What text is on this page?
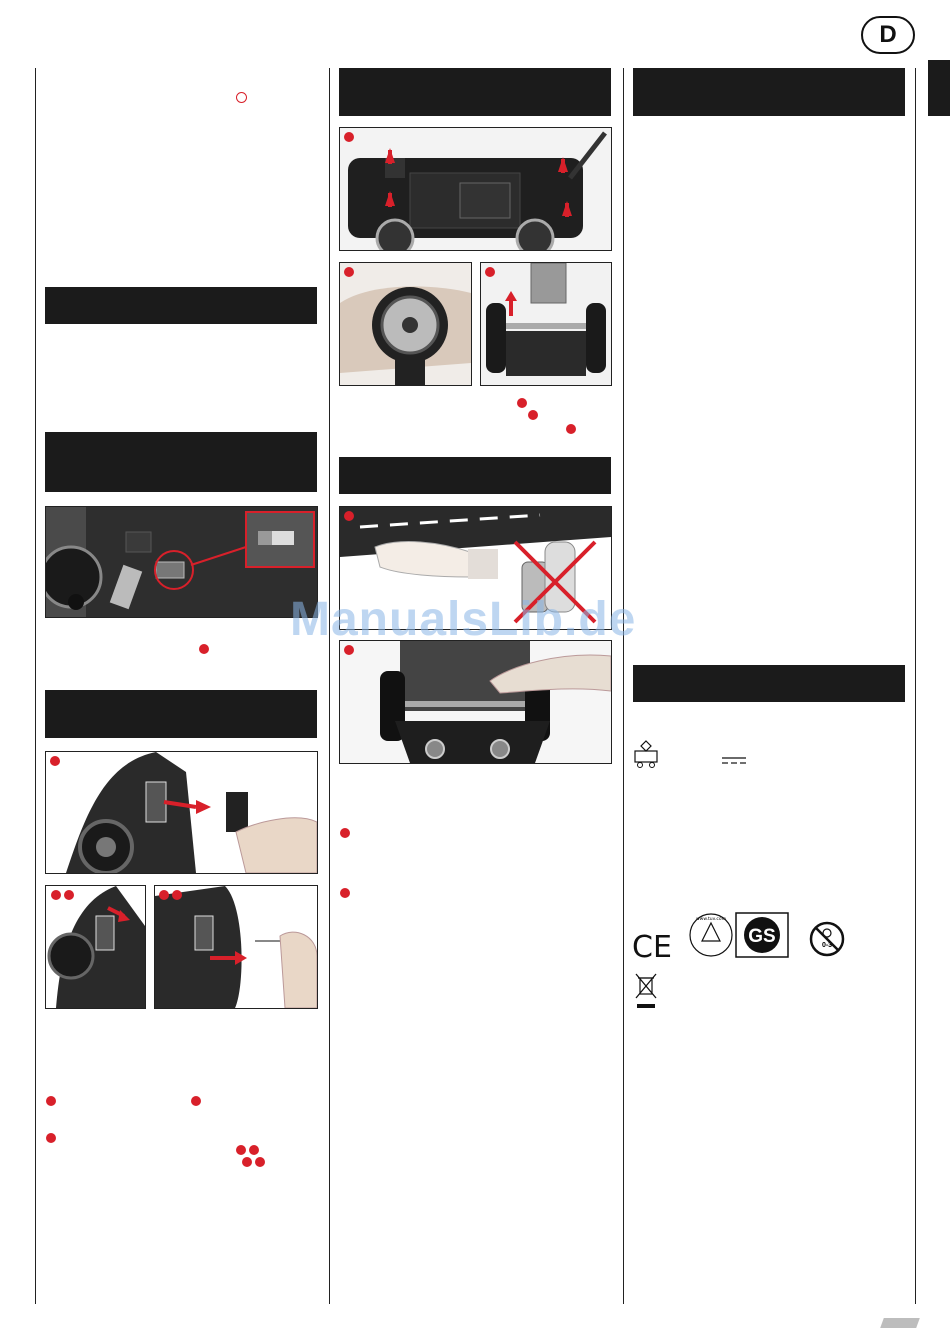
D
CE
www.tuv.com
GS	0-3
ManualsLib.de
